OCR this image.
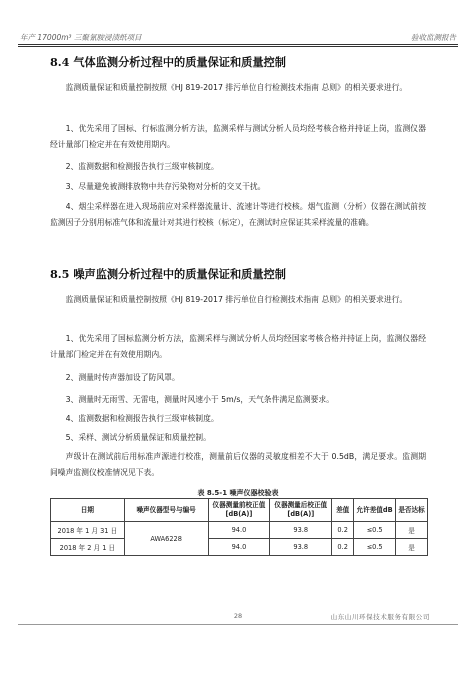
年产 17000m³ 三聚氰胺浸渍纸项目	验收监测报告
8.4 气体监测分析过程中的质量保证和质量控制

监测质量保证和质量控制按照《HJ 819-2017 排污单位自行检测技术指南 总则》的相关要求进行。

1、优先采用了国标、行标监测分析方法，监测采样与测试分析人员均经考核合格并持证上岗，监测仪器经计量部门检定并在有效使用期内。

2、监测数据和检测报告执行三级审核制度。

3、尽量避免被测排放物中共存污染物对分析的交叉干扰。

4、烟尘采样器在进入现场前应对采样器流量计、流速计等进行校核。烟气监测（分析）仪器在测试前按监测因子分别用标准气体和流量计对其进行校核（标定），在测试时应保证其采样流量的准确。

8.5 噪声监测分析过程中的质量保证和质量控制

监测质量保证和质量控制按照《HJ 819-2017 排污单位自行检测技术指南 总则》的相关要求进行。

1、优先采用了国标监测分析方法，监测采样与测试分析人员均经国家考核合格并持证上岗，监测仪器经计量部门检定并在有效使用期内。

2、测量时传声器加设了防风罩。

3、测量时无雨雪、无雷电，测量时风速小于 5m/s，天气条件满足监测要求。

4、监测数据和检测报告执行三级审核制度。

5、采样、测试分析质量保证和质量控制。

声级计在测试前后用标准声源进行校准，测量前后仪器的灵敏度相差不大于 0.5dB，满足要求。监测期间噪声监测仪校准情况见下表。

表 8.5-1 噪声仪器校验表
日期	噪声仪器型号与编号	仪器测量前校正值[dB(A)]	仪器测量后校正值[dB(A)]	差值	允许差值dB	是否达标
2018 年 1 月 31 日	AWA6228	94.0	93.8	0.2	≤0.5	是
2018 年 2 月 1 日		94.0	93.8	0.2	≤0.5	是
28	山东山川环保技术服务有限公司
